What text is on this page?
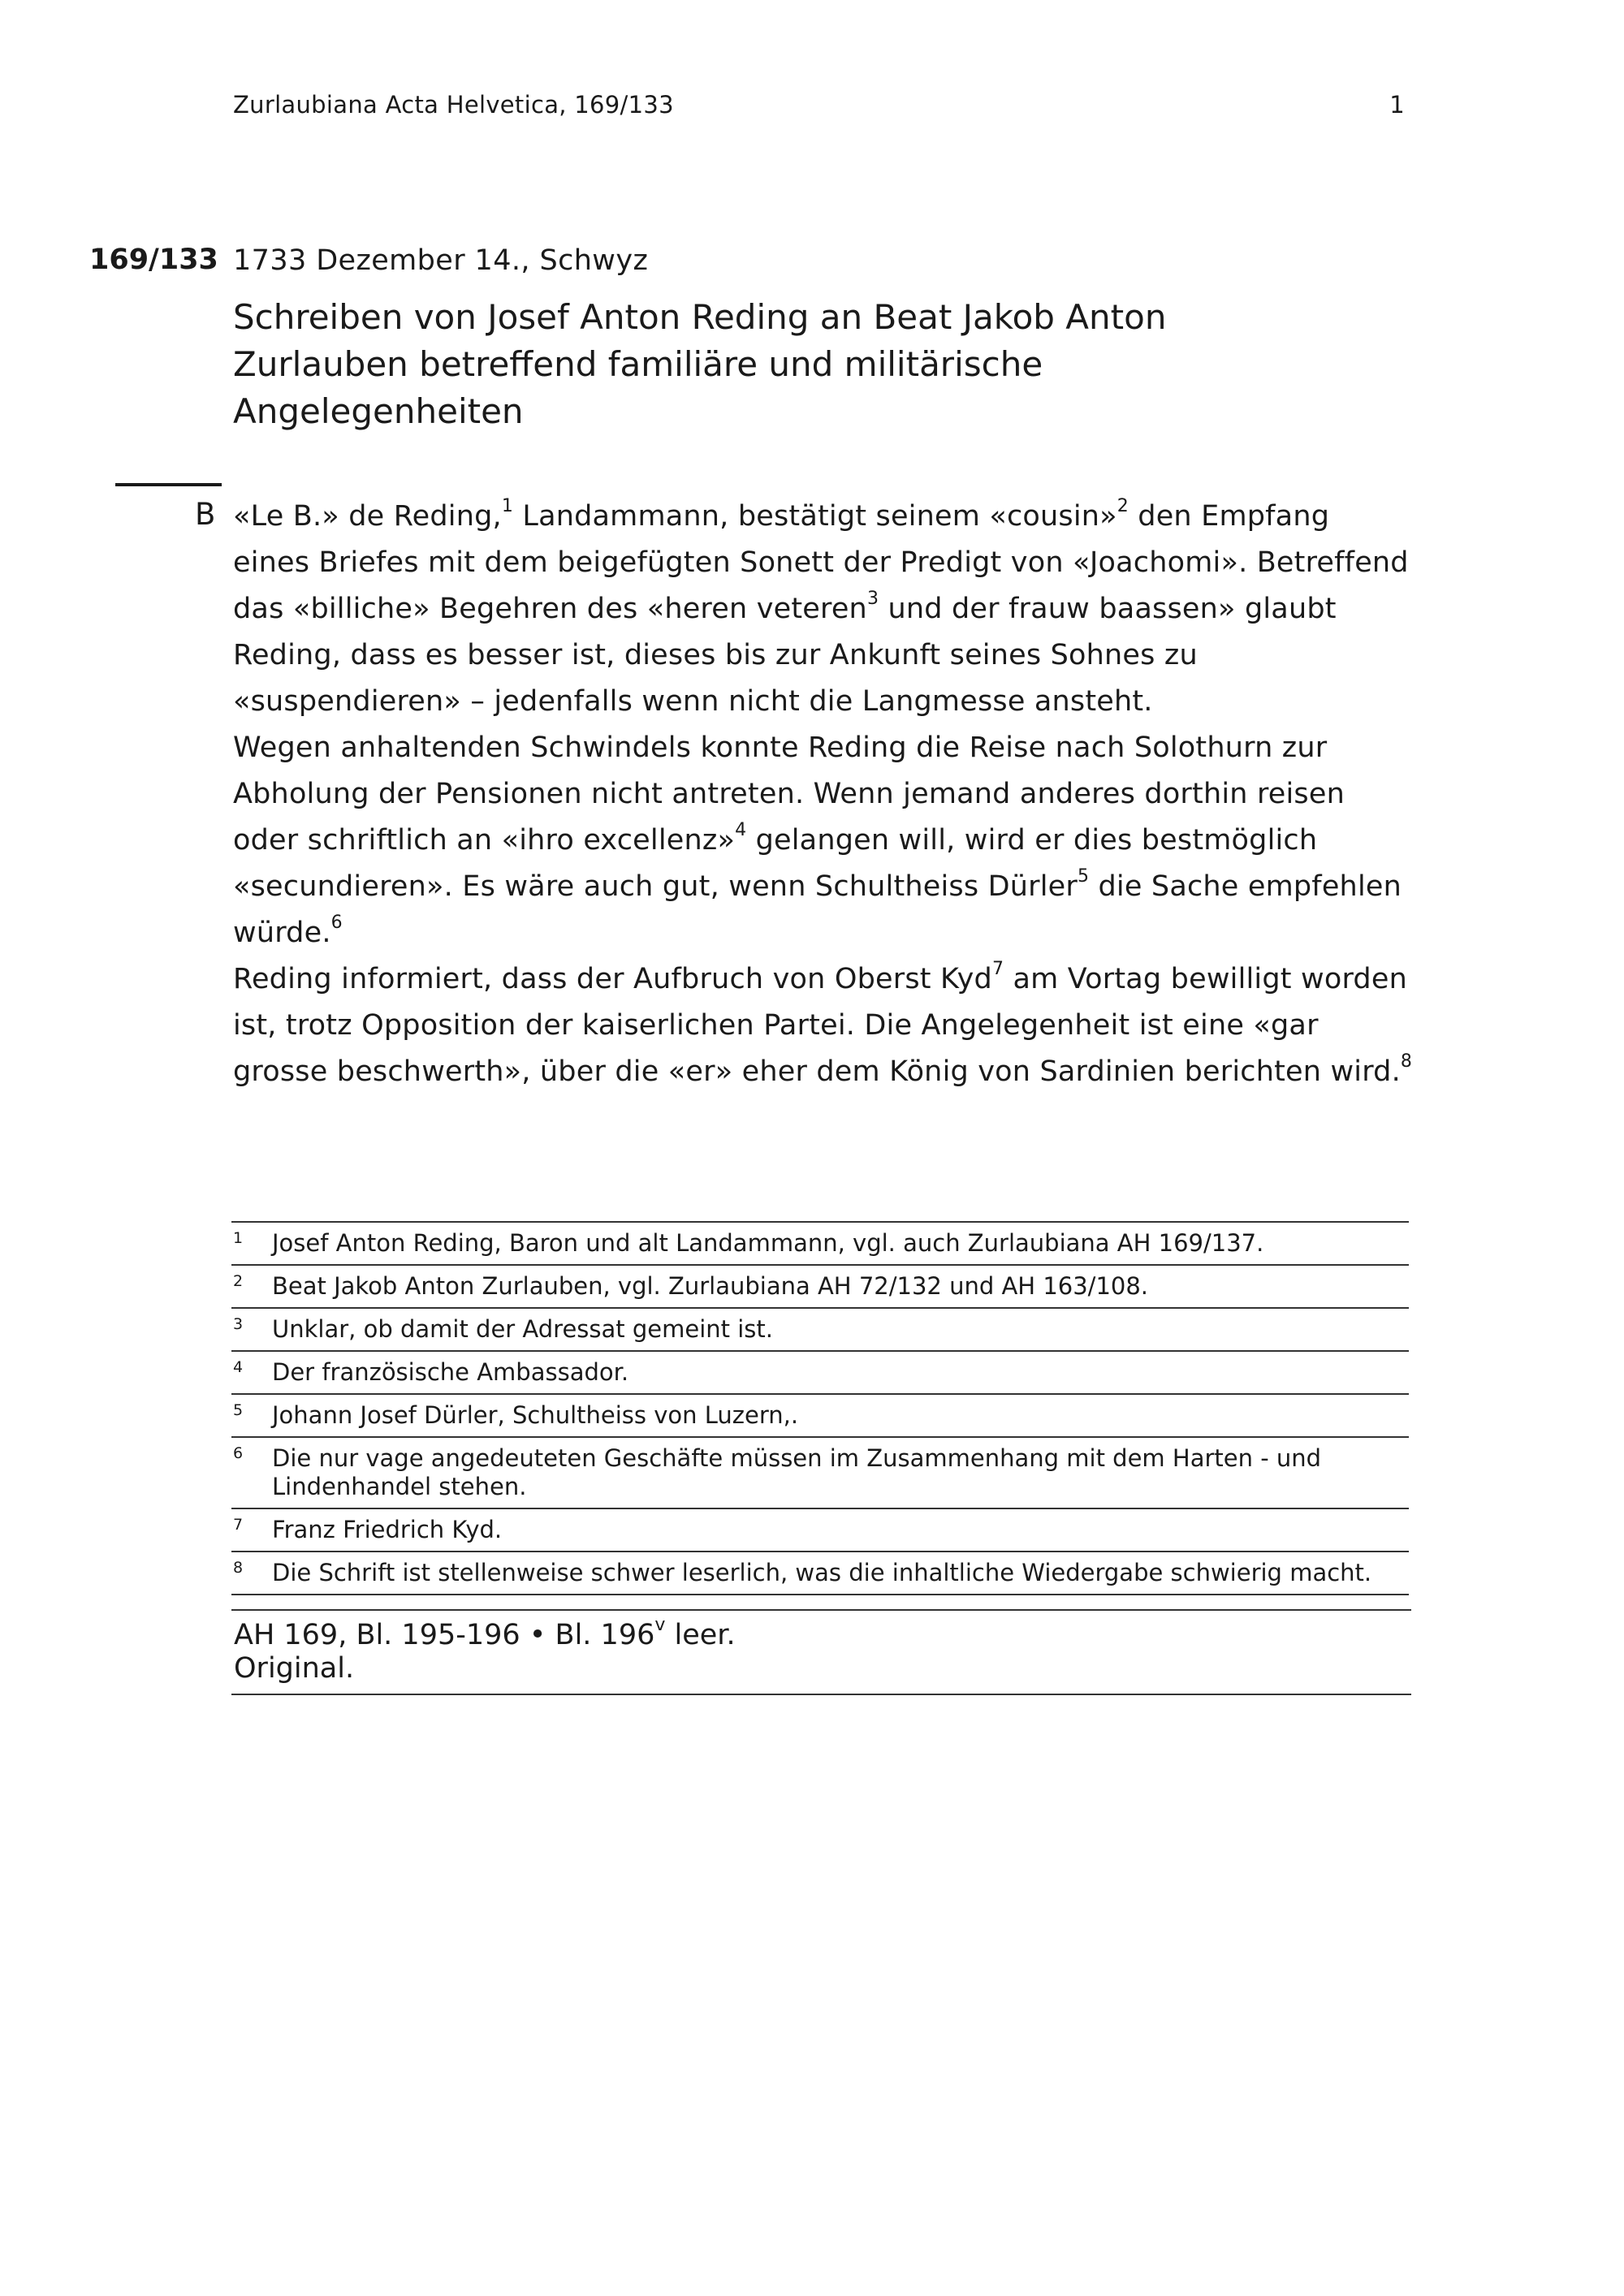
Zurlaubiana Acta Helvetica, 169/133	1
169/133 1733 Dezember 14., Schwyz
Schreiben von Josef Anton Reding an Beat Jakob Anton Zurlauben betreffend familiäre und militärische Angelegenheiten
B «Le B.» de Reding,$^1$ Landammann, bestätigt seinem «cousin»$^2$ den Empfang eines Briefes mit dem beigefügten Sonett der Predigt von «Joachomi». Betreffend das «billiche» Begehren des «heren veteren$^3$ und der frauw baassen» glaubt Reding, dass es besser ist, dieses bis zur Ankunft seines Sohnes zu «suspendieren» – jedenfalls wenn nicht die Langmesse ansteht.

Wegen anhaltenden Schwindels konnte Reding die Reise nach Solothurn zur Abholung der Pensionen nicht antreten. Wenn jemand anderes dorthin reisen oder schriftlich an «ihro excellenz»$^4$ gelangen will, wird er dies bestmöglich «secundieren». Es wäre auch gut, wenn Schultheiss Dürler$^5$ die Sache empfehlen würde.$^6$

Reding informiert, dass der Aufbruch von Oberst Kyd$^7$ am Vortag bewilligt worden ist, trotz Opposition der kaiserlichen Partei. Die Angelegenheit ist eine «gar grosse beschwerth», über die «er» eher dem König von Sardinien berichten wird.$^8$

1 Josef Anton Reding, Baron und alt Landammann, vgl. auch Zurlaubiana AH 169/137.
2 Beat Jakob Anton Zurlauben, vgl. Zurlaubiana AH 72/132 und AH 163/108.
3 Unklar, ob damit der Adressat gemeint ist.
4 Der französische Ambassador.
5 Johann Josef Dürler, Schultheiss von Luzern,.
6 Die nur vage angedeuteten Geschäfte müssen im Zusammenhang mit dem Harten - und Lindenhandel stehen.
7 Franz Friedrich Kyd.
8 Die Schrift ist stellenweise schwer leserlich, was die inhaltliche Wiedergabe schwierig macht.
AH 169, Bl. 195-196 • Bl. 196$^v$ leer.
Original.
